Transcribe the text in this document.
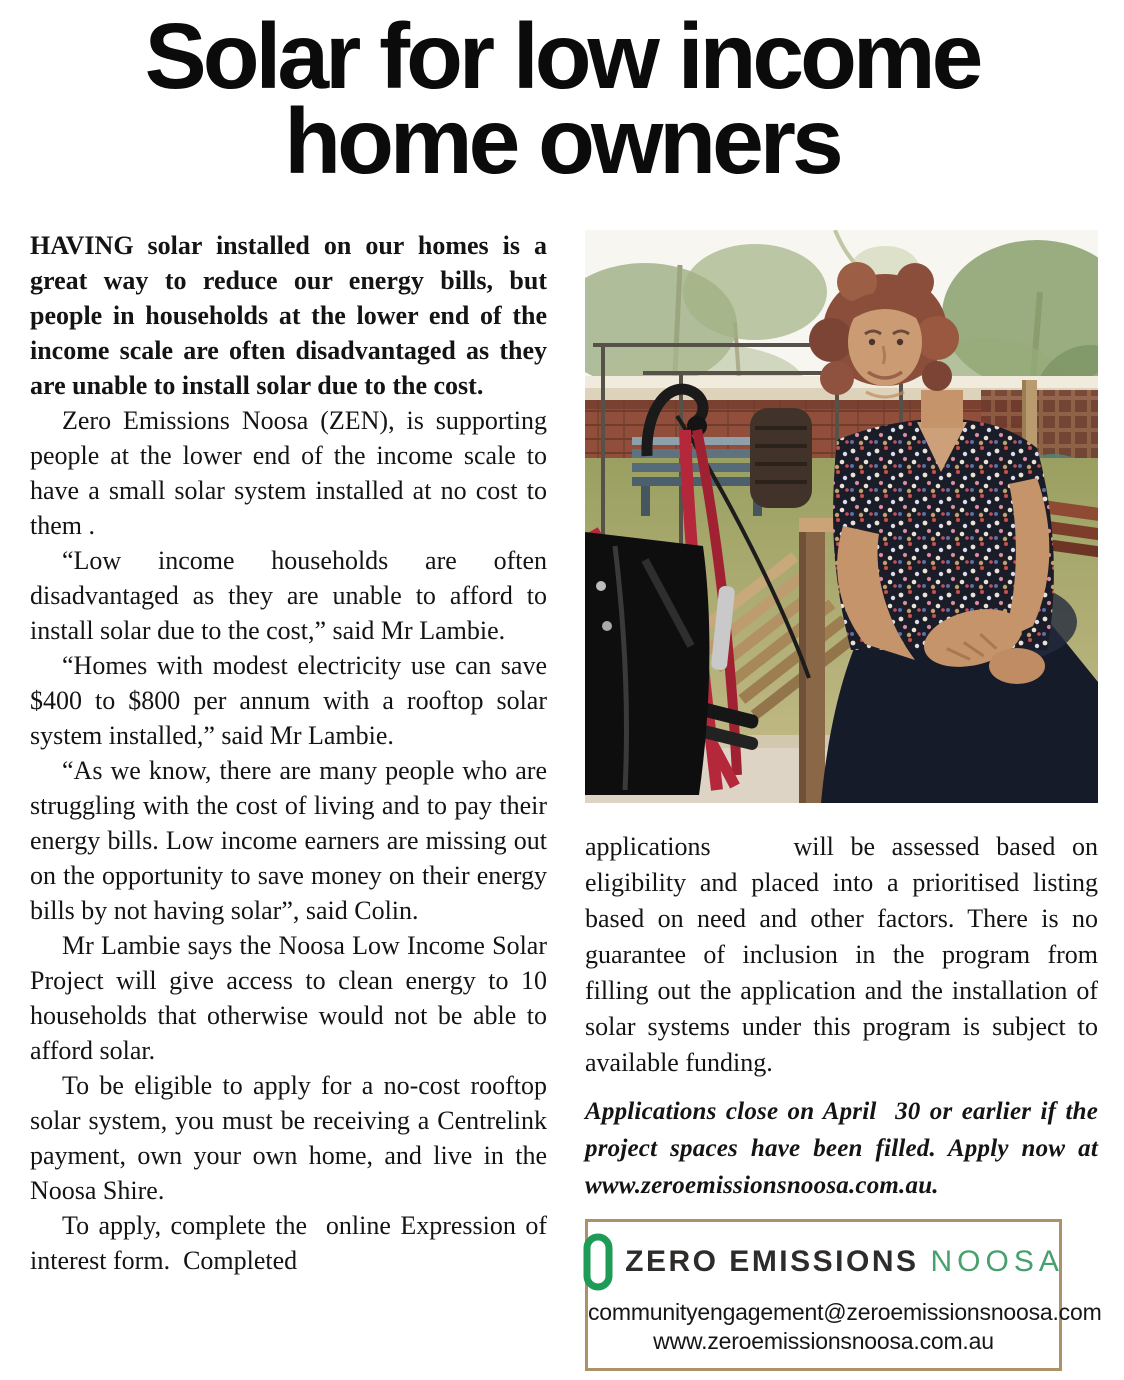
Solar for low income
home owners

HAVING solar installed on our homes is a great way to reduce our energy bills, but people in households at the lower end of the income scale are often disadvantaged as they are unable to install solar due to the cost.

Zero Emissions Noosa (ZEN), is supporting people at the lower end of the income scale to have a small solar system installed at no cost to them .

“Low income households are often disadvantaged as they are unable to afford to install solar due to the cost,” said Mr Lambie.

“Homes with modest electricity use can save $400 to $800 per annum with a rooftop solar system installed,” said Mr Lambie.

“As we know, there are many people who are struggling with the cost of living and to pay their energy bills. Low income earners are missing out on the opportunity to save money on their energy bills by not having solar”, said Colin.

Mr Lambie says the Noosa Low Income Solar Project will give access to clean energy to 10 households that otherwise would not be able to afford solar.

To be eligible to apply for a no-cost rooftop solar system, you must be receiving a Centrelink payment, own your own home, and live in the Noosa Shire.

To apply, complete the  online Expression of interest form.  Completed

applications     will be assessed based on eligibility and placed into a prioritised listing based on need and other factors. There is no guarantee of inclusion in the program from filling out the application and the installation of solar systems under this program is subject to available funding.

Applications close on April  30 or earlier if the project spaces have been filled. Apply now at www.zeroemissionsnoosa.com.au.

ZERO EMISSIONS NOOSA
communityengagement@zeroemissionsnoosa.com
www.zeroemissionsnoosa.com.au
